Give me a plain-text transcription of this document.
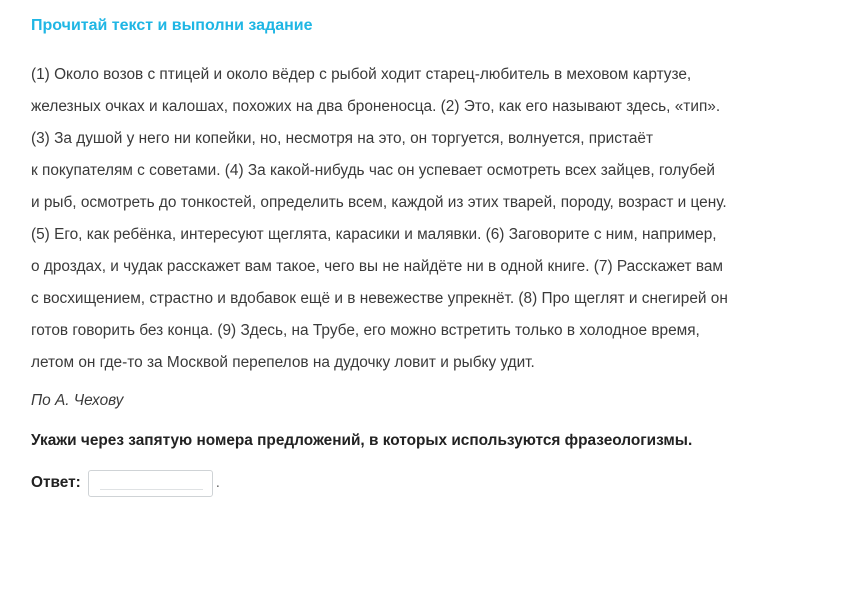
Прочитай текст и выполни задание
(1) Около возов с птицей и около вёдер с рыбой ходит старец-любитель в меховом картузе,
железных очках и калошах, похожих на два броненосца. (2) Это, как его называют здесь, «тип».
(3) За душой у него ни копейки, но, несмотря на это, он торгуется, волнуется, пристаёт
к покупателям с советами. (4) За какой-нибудь час он успевает осмотреть всех зайцев, голубей
и рыб, осмотреть до тонкостей, определить всем, каждой из этих тварей, породу, возраст и цену.
(5) Его, как ребёнка, интересуют щеглята, карасики и малявки. (6) Заговорите с ним, например,
о дроздах, и чудак расскажет вам такое, чего вы не найдёте ни в одной книге. (7) Расскажет вам
с восхищением, страстно и вдобавок ещё и в невежестве упрекнёт. (8) Про щеглят и снегирей он
готов говорить без конца. (9) Здесь, на Трубе, его можно встретить только в холодное время,
летом он где-то за Москвой перепелов на дудочку ловит и рыбку удит.
По А. Чехову
Укажи через запятую номера предложений, в которых используются фразеологизмы.
Ответ:	.
